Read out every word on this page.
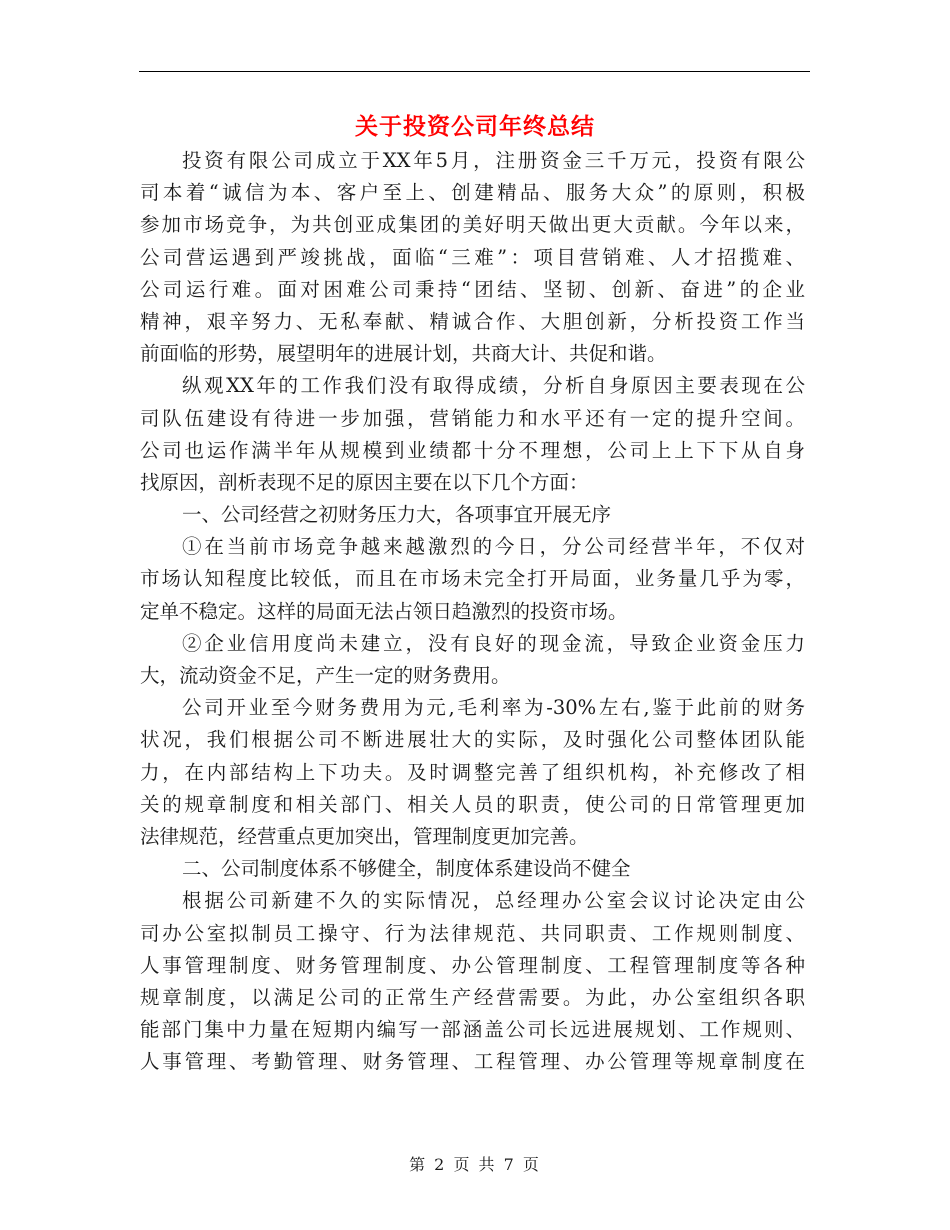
关于投资公司年终总结
投资有限公司成立于XX年5月，注册资金三千万元，投资有限公
司本着“诚信为本、客户至上、创建精品、服务大众”的原则，积极
参加市场竞争，为共创亚成集团的美好明天做出更大贡献。今年以来，
公司营运遇到严竣挑战，面临“三难”：项目营销难、人才招揽难、
公司运行难。面对困难公司秉持“团结、坚韧、创新、奋进”的企业
精神，艰辛努力、无私奉献、精诚合作、大胆创新，分析投资工作当
前面临的形势，展望明年的进展计划，共商大计、共促和谐。
纵观XX年的工作我们没有取得成绩，分析自身原因主要表现在公
司队伍建设有待进一步加强，营销能力和水平还有一定的提升空间。
公司也运作满半年从规模到业绩都十分不理想，公司上上下下从自身
找原因，剖析表现不足的原因主要在以下几个方面：
一、公司经营之初财务压力大，各项事宜开展无序
①在当前市场竞争越来越激烈的今日，分公司经营半年，不仅对
市场认知程度比较低，而且在市场未完全打开局面，业务量几乎为零，
定单不稳定。这样的局面无法占领日趋激烈的投资市场。
②企业信用度尚未建立，没有良好的现金流，导致企业资金压力
大，流动资金不足，产生一定的财务费用。
公司开业至今财务费用为元,毛利率为-30%左右,鉴于此前的财务
状况，我们根据公司不断进展壮大的实际，及时强化公司整体团队能
力，在内部结构上下功夫。及时调整完善了组织机构，补充修改了相
关的规章制度和相关部门、相关人员的职责，使公司的日常管理更加
法律规范，经营重点更加突出，管理制度更加完善。
二、公司制度体系不够健全，制度体系建设尚不健全
根据公司新建不久的实际情况，总经理办公室会议讨论决定由公
司办公室拟制员工操守、行为法律规范、共同职责、工作规则制度、
人事管理制度、财务管理制度、办公管理制度、工程管理制度等各种
规章制度，以满足公司的正常生产经营需要。为此，办公室组织各职
能部门集中力量在短期内编写一部涵盖公司长远进展规划、工作规则、
人事管理、考勤管理、财务管理、工程管理、办公管理等规章制度在
第 2 页 共 7 页
